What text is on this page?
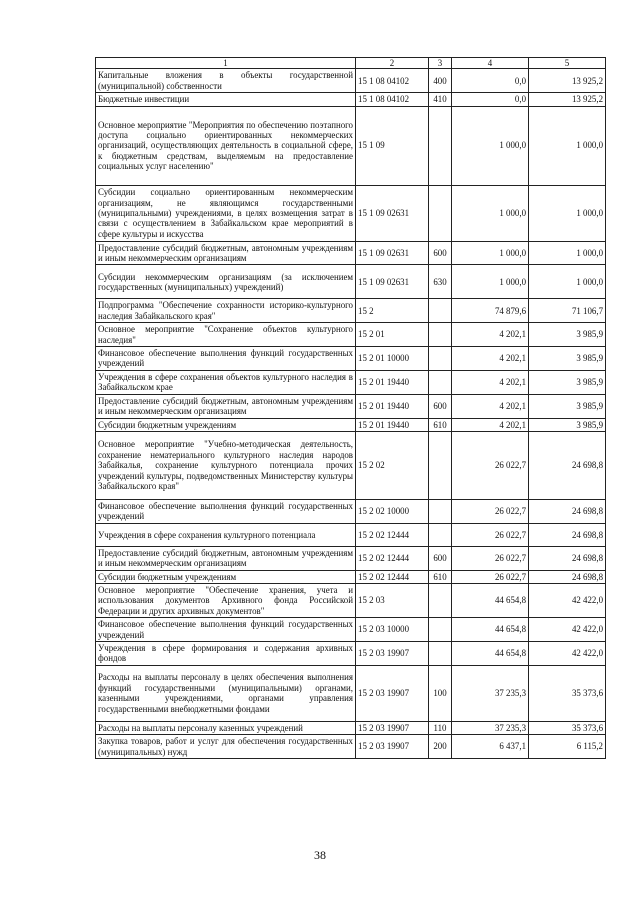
1	2	3	4	5
Капитальные вложения в объекты государственной (муниципальной) собственности	15 1 08 04102	400	0,0	13 925,2
Бюджетные инвестиции	15 1 08 04102	410	0,0	13 925,2
Основное мероприятие "Мероприятия по обеспечению поэтапного доступа социально ориентированных некоммерческих организаций, осуществляющих деятельность в социальной сфере, к бюджетным средствам, выделяемым на предоставление социальных услуг населению"	15 1 09		1 000,0	1 000,0
Субсидии социально ориентированным некоммерческим организациям, не являющимся государственными (муниципальными) учреждениями, в целях возмещения затрат в связи с осуществлением в Забайкальском крае мероприятий в сфере культуры и искусства	15 1 09 02631		1 000,0	1 000,0
Предоставление субсидий бюджетным, автономным учреждениям и иным некоммерческим организациям	15 1 09 02631	600	1 000,0	1 000,0
Субсидии некоммерческим организациям (за исключением государственных (муниципальных) учреждений)	15 1 09 02631	630	1 000,0	1 000,0
Подпрограмма "Обеспечение сохранности историко-культурного наследия Забайкальского края"	15 2		74 879,6	71 106,7
Основное мероприятие "Сохранение объектов культурного наследия"	15 2 01		4 202,1	3 985,9
Финансовое обеспечение выполнения функций государственных учреждений	15 2 01 10000		4 202,1	3 985,9
Учреждения в сфере сохранения объектов культурного наследия в Забайкальском крае	15 2 01 19440		4 202,1	3 985,9
Предоставление субсидий бюджетным, автономным учреждениям и иным некоммерческим организациям	15 2 01 19440	600	4 202,1	3 985,9
Субсидии бюджетным учреждениям	15 2 01 19440	610	4 202,1	3 985,9
Основное мероприятие "Учебно-методическая деятельность, сохранение нематериального культурного наследия народов Забайкалья, сохранение культурного потенциала прочих учреждений культуры, подведомственных Министерству культуры Забайкальского края"	15 2 02		26 022,7	24 698,8
Финансовое обеспечение выполнения функций государственных учреждений	15 2 02 10000		26 022,7	24 698,8
Учреждения в сфере сохранения культурного потенциала	15 2 02 12444		26 022,7	24 698,8
Предоставление субсидий бюджетным, автономным учреждениям и иным некоммерческим организациям	15 2 02 12444	600	26 022,7	24 698,8
Субсидии бюджетным учреждениям	15 2 02 12444	610	26 022,7	24 698,8
Основное мероприятие "Обеспечение хранения, учета и использования документов Архивного фонда Российской Федерации и других архивных документов"	15 2 03		44 654,8	42 422,0
Финансовое обеспечение выполнения функций государственных учреждений	15 2 03 10000		44 654,8	42 422,0
Учреждения в сфере формирования и содержания архивных фондов	15 2 03 19907		44 654,8	42 422,0
Расходы на выплаты персоналу в целях обеспечения выполнения функций государственными (муниципальными) органами, казенными учреждениями, органами управления государственными внебюджетными фондами	15 2 03 19907	100	37 235,3	35 373,6
Расходы на выплаты персоналу казенных учреждений	15 2 03 19907	110	37 235,3	35 373,6
Закупка товаров, работ и услуг для обеспечения государственных (муниципальных) нужд	15 2 03 19907	200	6 437,1	6 115,2
38
